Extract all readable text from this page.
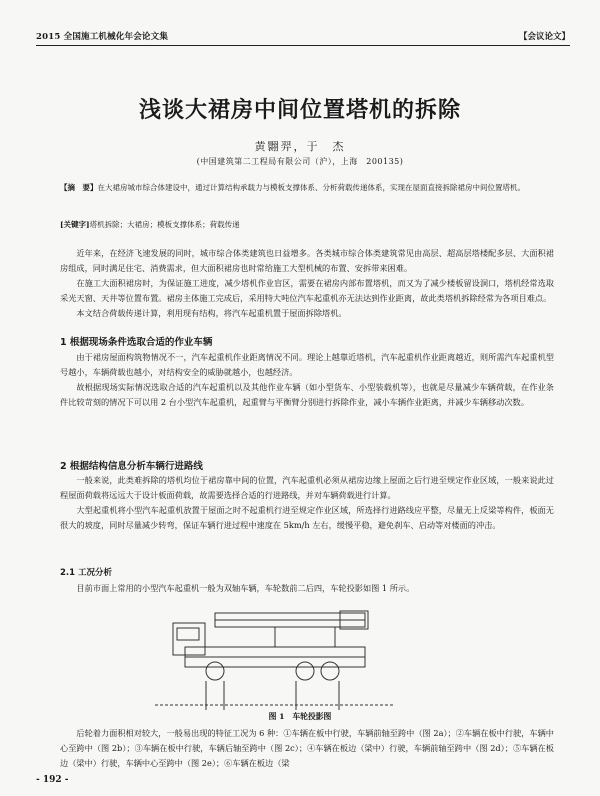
2015 全国施工机械化年会论文集	【会议论文】
浅谈大裙房中间位置塔机的拆除
黄翾羿，于　杰
(中国建筑第二工程局有限公司（沪），上海　200135)
【摘　要】在大裙房城市综合体建设中，通过计算结构承载力与模板支撑体系、分析荷载传递体系，实现在屋面直接拆除裙房中间位置塔机。
[关键字]塔机拆除；大裙房；模板支撑体系；荷载传递

近年来，在经济飞速发展的同时，城市综合体类建筑也日益增多。各类城市综合体类建筑常见由高层、超高层塔楼配多层、大面积裙房组成，同时满足住宅、消费需求，但大面积裙房也时常给施工大型机械的布置、安拆带来困难。

在施工大面积裙房时，为保证施工进度，减少塔机作业盲区，需要在裙房内部布置塔机，而又为了减少楼板留设洞口，塔机经常选取采光天窗、天井等位置布置。裙房主体施工完成后，采用特大吨位汽车起重机亦无法达到作业距离，故此类塔机拆除经常为各项目难点。

本文结合荷载传递计算，利用现有结构，将汽车起重机置于屋面拆除塔机。

1 根据现场条件选取合适的作业车辆

由于裙房屋面构筑物情况不一，汽车起重机作业距离情况不同。理论上越靠近塔机，汽车起重机作业距离越近，则所需汽车起重机型号越小，车辆荷载也越小，对结构安全的威胁就越小，也越经济。

故根据现场实际情况选取合适的汽车起重机以及其他作业车辆（如小型货车、小型装载机等），也就是尽量减少车辆荷载，在作业条件比较苛刻的情况下可以用 2 台小型汽车起重机，起重臂与平衡臂分别进行拆除作业，减小车辆作业距离，并减少车辆移动次数。

2 根据结构信息分析车辆行进路线

一般来说，此类难拆除的塔机均位于裙房靠中间的位置，汽车起重机必须从裙房边缘上屋面之后行进至规定作业区域，一般来说此过程屋面荷载将远远大于设计板面荷载，故需要选择合适的行进路线，并对车辆荷载进行计算。

大型起重机将小型汽车起重机放置于屋面之时不起重机行进至规定作业区域，所选择行进路线应平整，尽量无上反梁等构件，板面无很大的坡度，同时尽量减少转弯，保证车辆行进过程中速度在 5km/h 左右，缓慢平稳，避免刹车、启动等对楼面的冲击。

2.1 工况分析

目前市面上常用的小型汽车起重机一般为双轴车辆，车轮数前二后四，车轮投影如图 1 所示。

图 1　车轮投影图

后轮着力面积相对较大，一般易出现的特征工况为 6 种：①车辆在板中行驶，车辆前轴至跨中（图 2a）；②车辆在板中行驶，车辆中心至跨中（图 2b）；③车辆在板中行驶，车辆后轴至跨中（图 2c）；④车辆在板边（梁中）行驶，车辆前轴至跨中（图 2d）；⑤车辆在板边（梁中）行驶，车辆中心至跨中（图 2e）；⑥车辆在板边（梁

- 192 -
